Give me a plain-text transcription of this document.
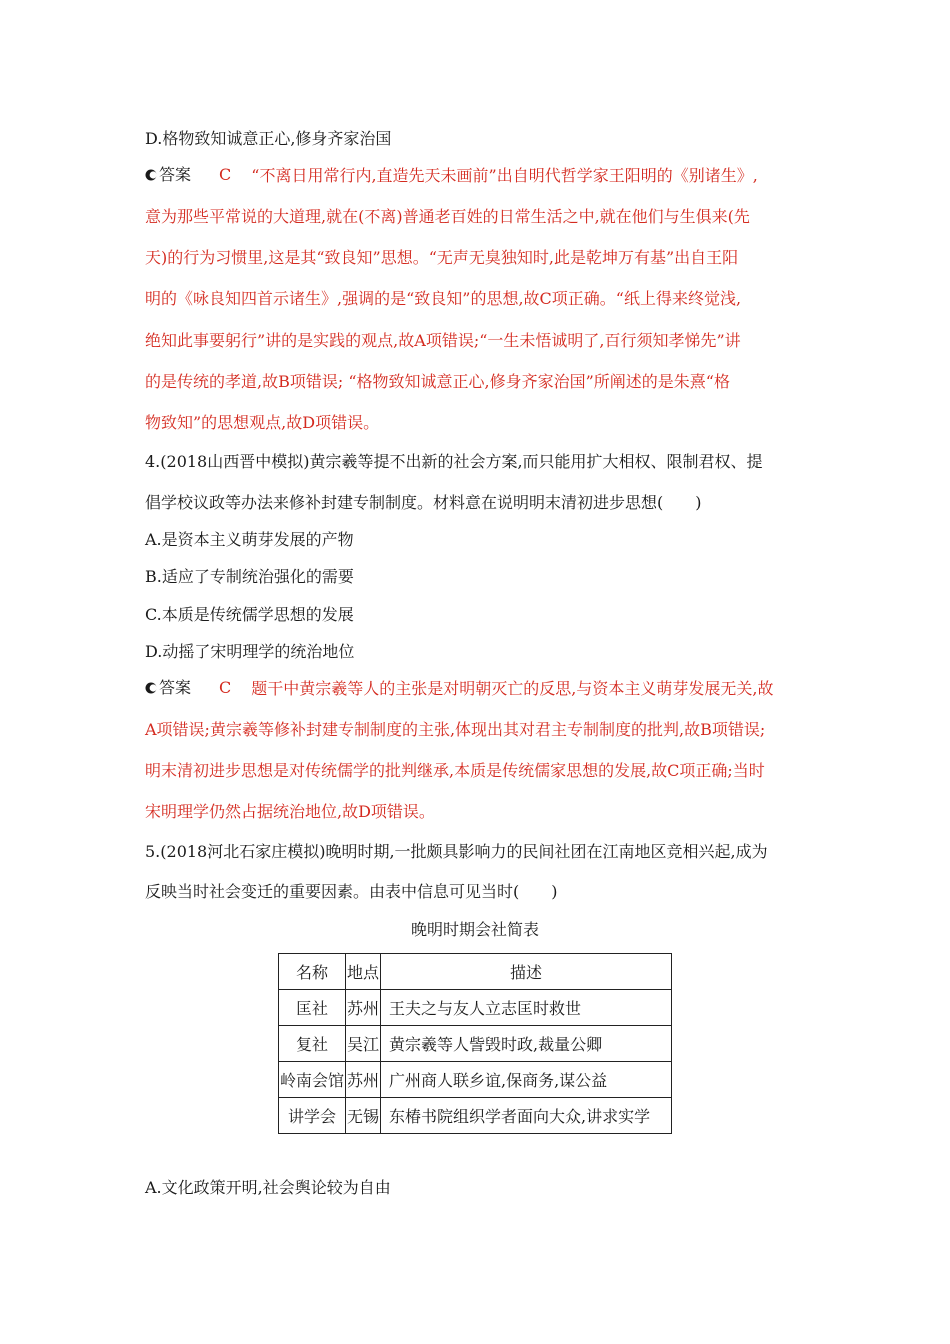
D.格物致知诚意正心,修身齐家治国
答案 C “不离日用常行内,直造先天未画前”出自明代哲学家王阳明的《别诸生》,
意为那些平常说的大道理,就在(不离)普通老百姓的日常生活之中,就在他们与生俱来(先
天)的行为习惯里,这是其“致良知”思想。“无声无臭独知时,此是乾坤万有基”出自王阳
明的《咏良知四首示诸生》,强调的是“致良知”的思想,故C项正确。“纸上得来终觉浅,
绝知此事要躬行”讲的是实践的观点,故A项错误;“一生未悟诚明了,百行须知孝悌先”讲
的是传统的孝道,故B项错误; “格物致知诚意正心,修身齐家治国”所阐述的是朱熹“格
物致知”的思想观点,故D项错误。
4.(2018山西晋中模拟)黄宗羲等提不出新的社会方案,而只能用扩大相权、限制君权、提
倡学校议政等办法来修补封建专制制度。材料意在说明明末清初进步思想(　　)
A.是资本主义萌芽发展的产物
B.适应了专制统治强化的需要
C.本质是传统儒学思想的发展
D.动摇了宋明理学的统治地位
答案 C 题干中黄宗羲等人的主张是对明朝灭亡的反思,与资本主义萌芽发展无关,故
A项错误;黄宗羲等修补封建专制制度的主张,体现出其对君主专制制度的批判,故B项错误;
明末清初进步思想是对传统儒学的批判继承,本质是传统儒家思想的发展,故C项正确;当时
宋明理学仍然占据统治地位,故D项错误。
5.(2018河北石家庄模拟)晚明时期,一批颇具影响力的民间社团在江南地区竞相兴起,成为
反映当时社会变迁的重要因素。由表中信息可见当时(　　)
晚明时期会社简表
名称	地点	描述
匡社	苏州	王夫之与友人立志匡时救世
复社	吴江	黄宗羲等人訾毁时政,裁量公卿
岭南会馆	苏州	广州商人联乡谊,保商务,谋公益
讲学会	无锡	东椿书院组织学者面向大众,讲求实学
A.文化政策开明,社会舆论较为自由
